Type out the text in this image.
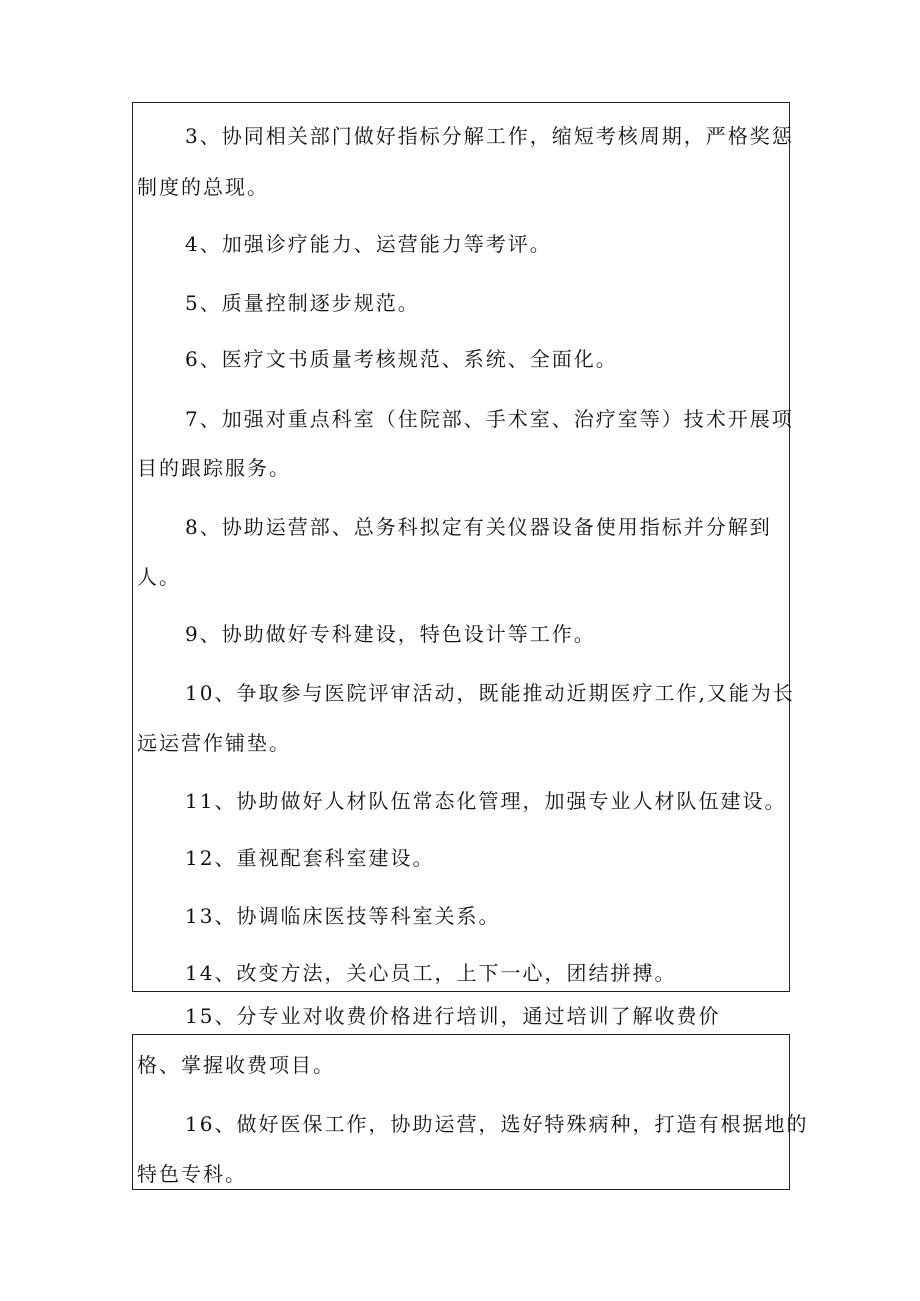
3、协同相关部门做好指标分解工作，缩短考核周期，严格奖惩
制度的总现。
4、加强诊疗能力、运营能力等考评。
5、质量控制逐步规范。
6、医疗文书质量考核规范、系统、全面化。
7、加强对重点科室（住院部、手术室、治疗室等）技术开展项
目的跟踪服务。
8、协助运营部、总务科拟定有关仪器设备使用指标并分解到
人。
9、协助做好专科建设，特色设计等工作。
10、争取参与医院评审活动，既能推动近期医疗工作,又能为长
远运营作铺垫。
11、协助做好人材队伍常态化管理，加强专业人材队伍建设。
12、重视配套科室建设。
13、协调临床医技等科室关系。
14、改变方法，关心员工，上下一心，团结拼搏。
15、分专业对收费价格进行培训，通过培训了解收费价
格、掌握收费项目。
16、做好医保工作，协助运营，选好特殊病种，打造有根据地的
特色专科。
